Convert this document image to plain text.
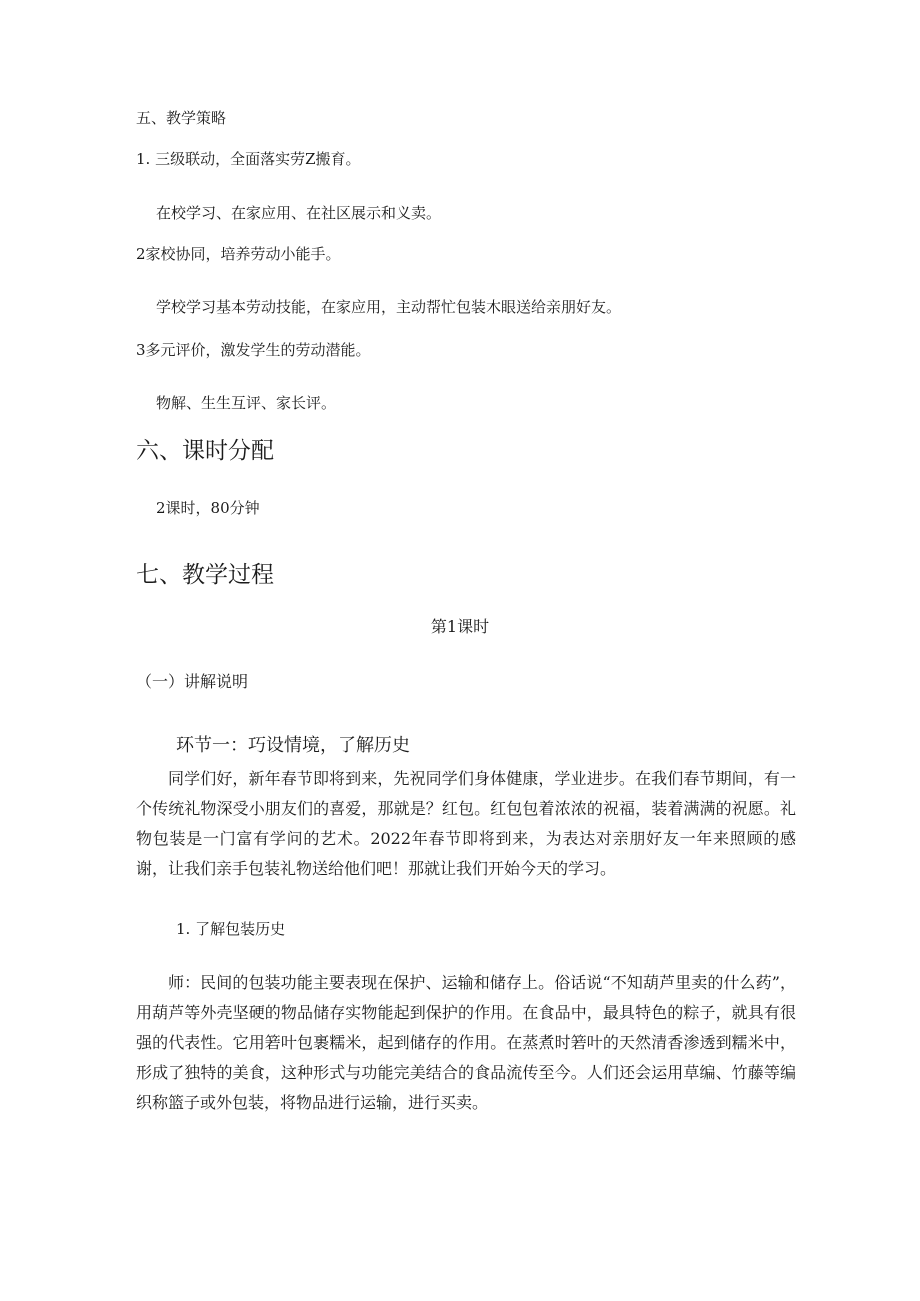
五、教学策略
1. 三级联动，全面落实劳Z搬育。
在校学习、在家应用、在社区展示和义卖。
2家校协同，培养劳动小能手。
学校学习基本劳动技能，在家应用，主动帮忙包装木眼送给亲朋好友。
3多元评价，激发学生的劳动潜能。
物解、生生互评、家长评。
六、课时分配
2课时，80分钟
七、教学过程
第1课时
（一）讲解说明
环节一：巧设情境，了解历史
同学们好，新年春节即将到来，先祝同学们身体健康，学业进步。在我们春节期间，有一个传统礼物深受小朋友们的喜爱，那就是？红包。红包包着浓浓的祝福，装着满满的祝愿。礼物包装是一门富有学问的艺术。2022年春节即将到来，为表达对亲朋好友一年来照顾的感谢，让我们亲手包装礼物送给他们吧！那就让我们开始今天的学习。
1. 了解包装历史
师：民间的包装功能主要表现在保护、运输和储存上。俗话说“不知葫芦里卖的什么药”，用葫芦等外壳坚硬的物品储存实物能起到保护的作用。在食品中，最具特色的粽子，就具有很强的代表性。它用箬叶包裹糯米，起到储存的作用。在蒸煮时箬叶的天然清香渗透到糯米中，形成了独特的美食，这种形式与功能完美结合的食品流传至今。人们还会运用草编、竹藤等编织称篮子或外包装，将物品进行运输，进行买卖。
